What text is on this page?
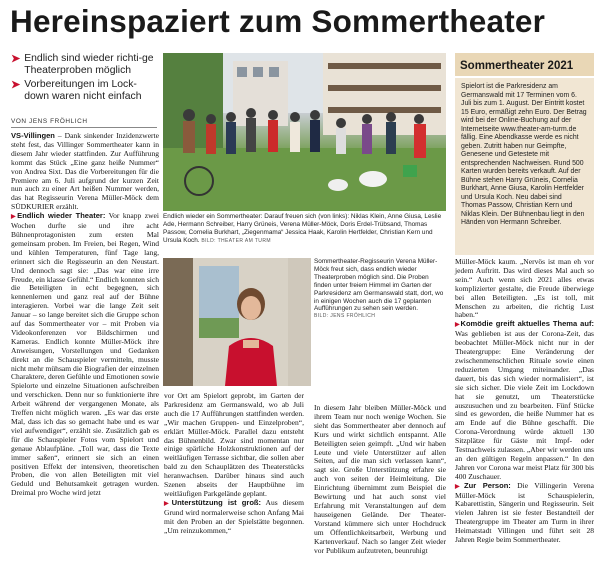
Hereinspaziert zum Sommertheater
➤ Endlich sind wieder richti-ge Theaterproben möglich
➤ Vorbereitungen im Lock-down waren nicht einfach
VON JENS FRÖHLICH

VS-Villingen – Dank sinkender Inzidenzwerte steht fest, das Villinger Sommertheater kann in diesem Jahr wieder stattfinden. Zur Aufführung kommt das Stück „Eine ganz heiße Nummer“ von Andrea Sixt. Das die Vorbereitungen für die Premiere am 6. Juli aufgrund der kurzen Zeit nun auch zu einer Art heißen Nummer werden, das hat Regisseurin Verena Müller-Möck dem SÜDKURIER erzählt.

▶ Endlich wieder Theater: Vor knapp zwei Wochen durfte sie und ihre acht Bühnenprotagonisten zum ersten Mal gemeinsam proben. Im Freien, bei Regen, Wind und kühlen Temperaturen, fünf Tage lang, erinnert sich die Regisseurin an den Neustart. Und dennoch sagt sie: „Das war eine irre Freude, ein klasse Gefühl.“ Endlich konnten sich die Beteiligten in echt begegnen, sich kennenlernen und ganz real auf der Bühne interagieren. Vorbei war die lange Zeit seit Januar – so lange bereitet sich die Gruppe schon auf das Sommertheater vor – mit Proben via Videokonferenzen vor Bildschirmen und Kameras. Endlich konnte Müller-Möck ihre Anweisungen, Vorstellungen und Gedanken direkt an die Schauspieler vermitteln, musste nicht mehr mühsam die Biografien der einzelnen Charaktere, deren Gefühle und Emotionen sowie Spielorte und einzelne Situationen aufschreiben und verschicken. Denn nur so funktionierte ihre Arbeit während der vergangenen Monate, als Treffen nicht möglich waren. „Es war das erste Mal, dass ich das so gemacht habe und es war viel aufwendiger“, erzählt sie. Zusätzlich gab es für die Schauspieler Fotos vom Spielort und genaue Ablaufpläne. „Toll war, dass die Texte immer saßen“, erinnert sie sich an einen positiven Effekt der intensiven, theoretischen Proben, die von allen Beteiligten mit viel Geduld und Behutsamkeit getragen wurden. Dreimal pro Woche wird jetzt

Endlich wieder ein Sommertheater: Darauf freuen sich (von links): Niklas Klein, Anne Giusa, Leslie Ade, Hermann Schreiber, Harry Grüneis, Verena Müller-Möck, Doris Erdel-Trübsand, Thomas Passow, Cornelia Burkhart, „Ziegenmama“ Jessica Haak, Karolin Hertfelder, Christian Kern und Ursula Koch. BILD: THEATER AM TURM
Sommertheater-Regisseurin Verena Müller-Möck freut sich, dass endlich wieder Theaterproben möglich sind. Die Proben finden unter freiem Himmel im Garten der Parkresidenz am Germanswald statt, dort, wo in einigen Wochen auch die 17 geplanten Aufführungen zu sehen sein werden.
BILD: JENS FRÖHLICH

vor Ort am Spielort geprobt, im Garten der Parkresidenz am Germanswald, wo ab Juli auch die 17 Aufführungen stattfinden werden. „Wir machen Gruppen- und Einzelproben“, erklärt Müller-Möck. Parallel dazu entsteht das Bühnenbild. Zwar sind momentan nur einige spärliche Holzkonstruktionen auf der weitläufigen Terrasse sichtbar, die sollen aber bald zu den Schauplätzen des Theaterstücks heranwachsen. Darüber hinaus sind auch Szenen abseits der Hauptbühne im weitläufigen Parkgelände geplant.

▶ Unterstützung ist groß: Aus diesem Grund wird normalerweise schon Anfang Mai mit den Proben an der Spielstätte begonnen. „Um reinzukommen,“

In diesem Jahr bleiben Müller-Möck und ihrem Team nur noch wenige Wochen. Sie sieht das Sommertheater aber dennoch auf Kurs und wirkt sichtlich entspannt. Alle Beteiligten seien geimpft. „Und wir haben Leute und viele Unterstützer auf allen Seiten, auf die man sich verlassen kann“, sagt sie. Große Unterstützung erfahre sie auch von seiten der Heimleitung. Die Einrichtung übernimmt zum Beispiel die Bewirtung und hat auch sonst viel Erfahrung mit Veranstaltungen auf dem hauseigenen Gelände. Der Theater-Vorstand kümmere sich unter Hochdruck um Öffentlichkeitsarbeit, Werbung und Kartenverkauf. Nach so langer Zeit wieder vor Publikum aufzutreten, beunruhigt

Sommertheater 2021
Spielort ist die Parkresidenz am Germanswald mit 17 Terminen vom 6. Juli bis zum 1. August. Der Eintritt kostet 15 Euro, ermäßigt zehn Euro. Der Betrag wird bei der Online-Buchung auf der Internetseite www.theater-am-turm.de fällig. Eine Abendkasse werde es nicht geben. Zutritt haben nur Geimpfte, Genesene und Getestete mit entsprechenden Nachweisen. Rund 500 Karten wurden bereits verkauft. Auf der Bühne stehen Harry Grüneis, Cornelia Burkhart, Anne Giusa, Karolin Hertfelder und Ursula Koch. Neu dabei sind Thomas Passow, Christian Kern und Niklas Klein. Der Bühnenbau liegt in den Händen von Hermann Schreiber.

Müller-Möck kaum. „Nervös ist man eh vor jedem Auftritt. Das wird dieses Mal auch so sein.“ Auch wenn sich 2021 alles etwas komplizierter gestalte, die Freude überwiege bei allen Beteiligten. „Es ist toll, mit Menschen zu arbeiten, die richtig Lust haben.“

▶ Komödie greift aktuelles Thema auf: Was geblieben ist aus der Corona-Zeit, das beobachtet Müller-Möck nicht nur in der Theatergruppe: Eine Veränderung der zwischenmenschlichen Rituale sowie einen reduzierten Umgang miteinander. „Das dauert, bis das sich wieder normalisiert“, ist sie sich sicher. Die viele Zeit im Lockdown hat sie genutzt, um Theaterstücke auszusuchen und zu bearbeiten. Fünf Stücke sind es geworden, die heiße Nummer hat es am Ende auf die Bühne geschafft. Die Corona-Verordnung würde aktuell 130 Sitzplätze für Gäste mit Impf- oder Testnachweis zulassen. „Aber wir werden uns an den gültigen Regeln anpassen.“ In den Jahren vor Corona war meist Platz für 300 bis 400 Zuschauer.

▶ Zur Person: Die Villingerin Verena Müller-Möck ist Schauspielerin, Kabarettistin, Sängerin und Regisseurin. Seit vielen Jahren ist sie fester Bestandteil der Theatergruppe im Theater am Turm in ihrer Heimatstadt Villingen und führt seit 28 Jahren Regie beim Sommertheater.
